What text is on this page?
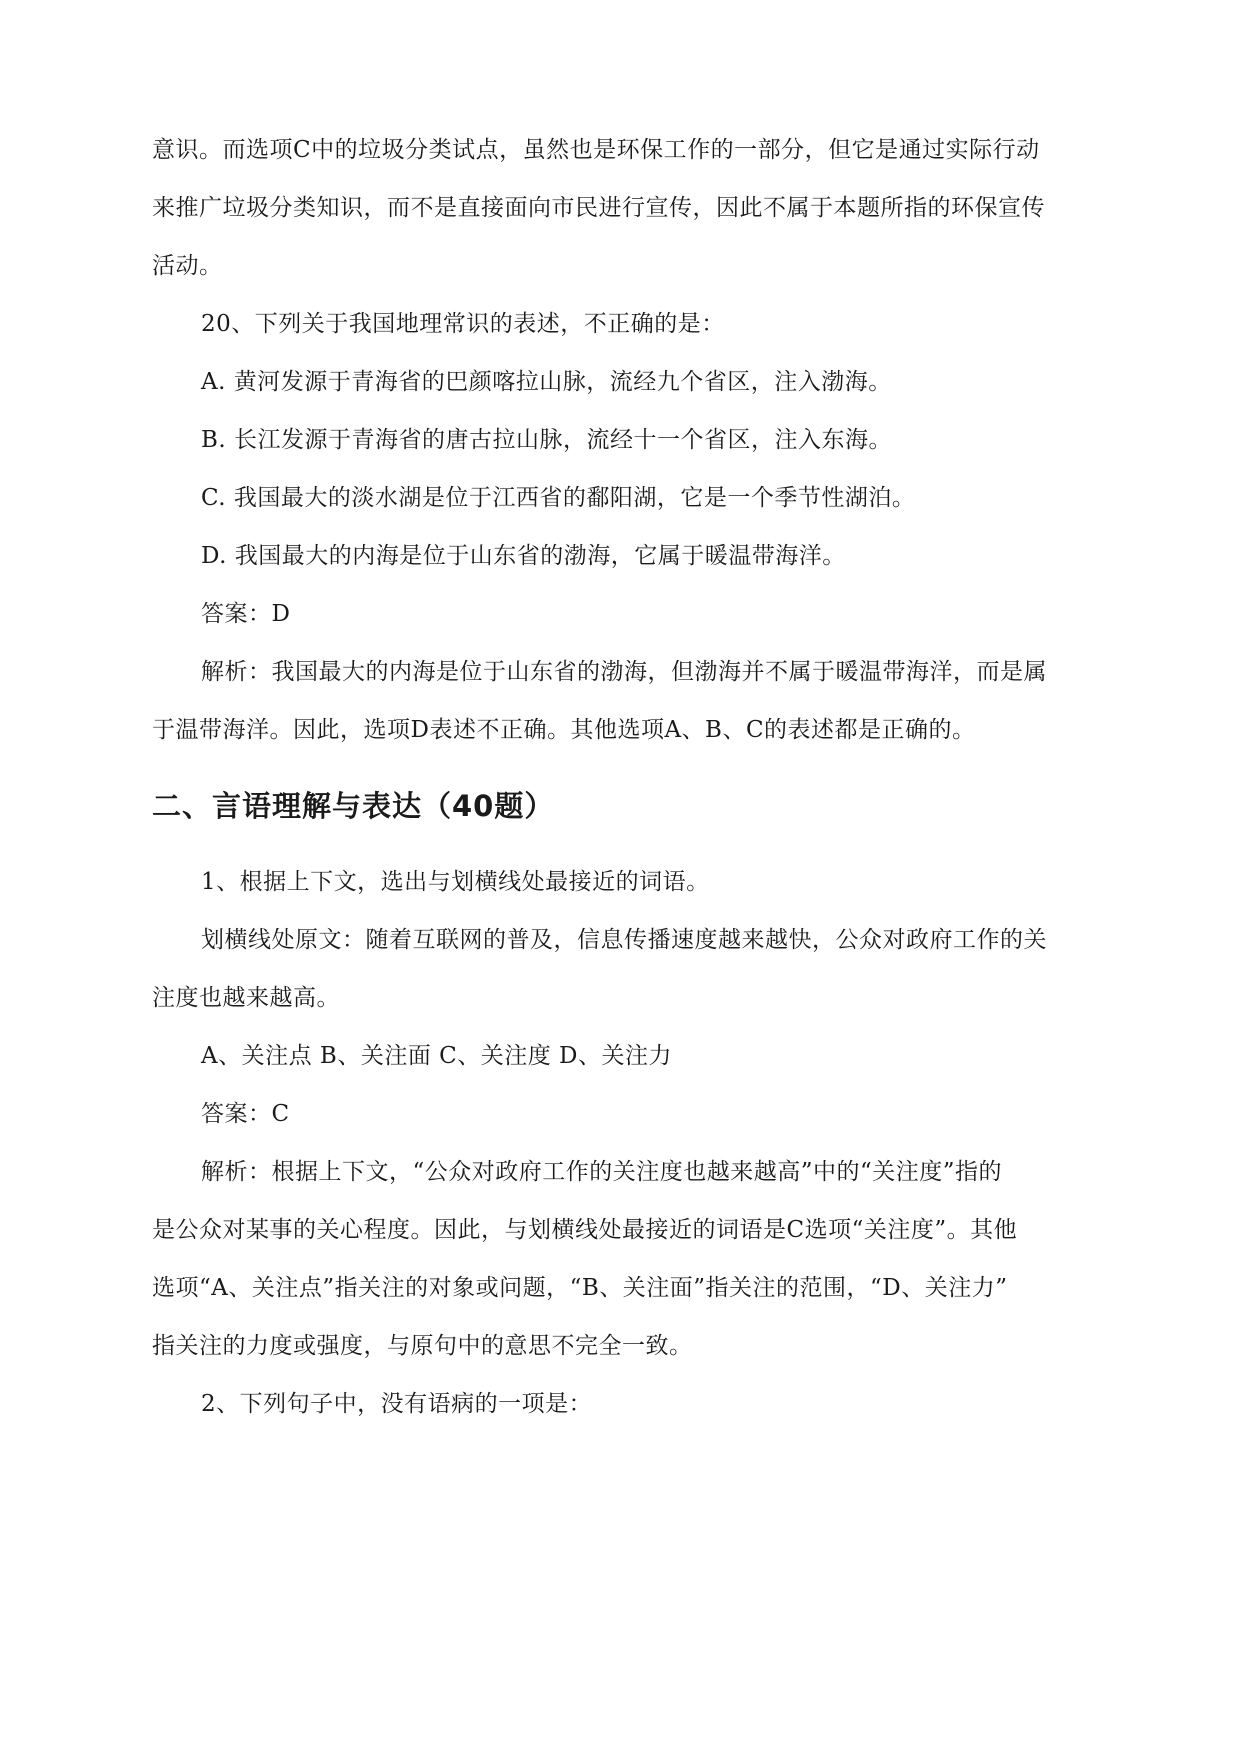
意识。而选项C中的垃圾分类试点，虽然也是环保工作的一部分，但它是通过实际行动
来推广垃圾分类知识，而不是直接面向市民进行宣传，因此不属于本题所指的环保宣传
活动。
20、下列关于我国地理常识的表述，不正确的是：
A. 黄河发源于青海省的巴颜喀拉山脉，流经九个省区，注入渤海。
B. 长江发源于青海省的唐古拉山脉，流经十一个省区，注入东海。
C. 我国最大的淡水湖是位于江西省的鄱阳湖，它是一个季节性湖泊。
D. 我国最大的内海是位于山东省的渤海，它属于暖温带海洋。
答案：D
解析：我国最大的内海是位于山东省的渤海，但渤海并不属于暖温带海洋，而是属
于温带海洋。因此，选项D表述不正确。其他选项A、B、C的表述都是正确的。
二、言语理解与表达（40题）
1、根据上下文，选出与划横线处最接近的词语。
划横线处原文：随着互联网的普及，信息传播速度越来越快，公众对政府工作的关
注度也越来越高。
A、关注点 B、关注面 C、关注度 D、关注力
答案：C
解析：根据上下文，“公众对政府工作的关注度也越来越高”中的“关注度”指的
是公众对某事的关心程度。因此，与划横线处最接近的词语是C选项“关注度”。其他
选项“A、关注点”指关注的对象或问题，“B、关注面”指关注的范围，“D、关注力”
指关注的力度或强度，与原句中的意思不完全一致。
2、下列句子中，没有语病的一项是：
